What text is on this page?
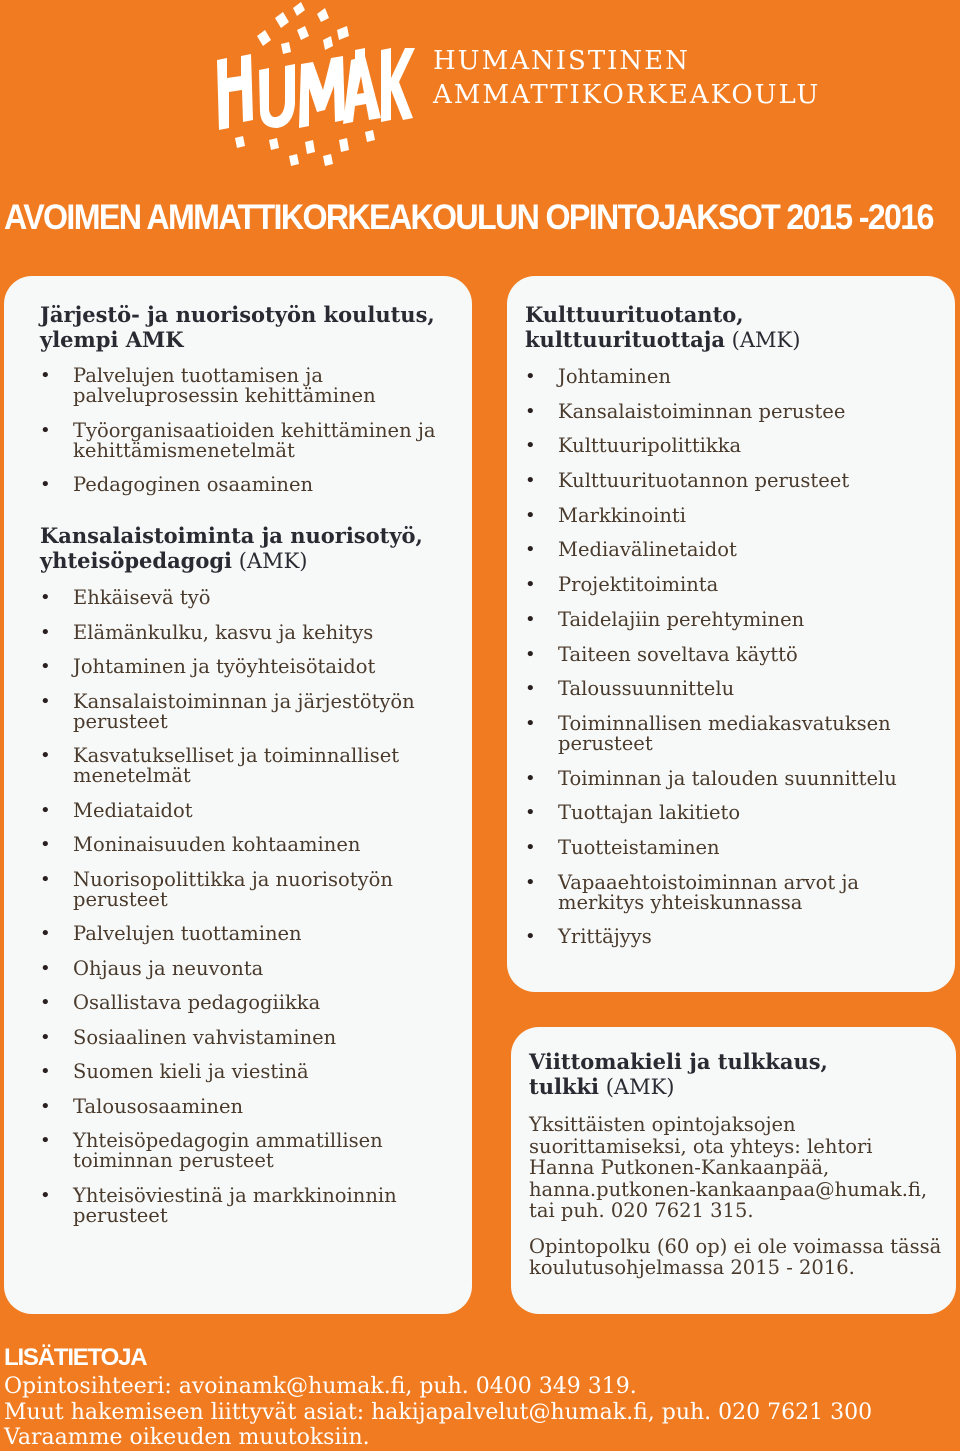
HUMANISTINEN
AMMATTIKORKEAKOULU
AVOIMEN AMMATTIKORKEAKOULUN OPINTOJAKSOT 2015 -2016
Järjestö- ja nuorisotyön koulutus,
ylempi AMK
• Palvelujen tuottamisen ja palveluprosessin kehittäminen
• Työorganisaatioiden kehittäminen ja kehittämismenetelmät
• Pedagoginen osaaminen
Kansalaistoiminta ja nuorisotyö,
yhteisöpedagogi (AMK)
• Ehkäisevä työ
• Elämänkulku, kasvu ja kehitys
• Johtaminen ja työyhteisötaidot
• Kansalaistoiminnan ja järjestötyön perusteet
• Kasvatukselliset ja toiminnalliset menetelmät
• Mediataidot
• Moninaisuuden kohtaaminen
• Nuorisopolittikka ja nuorisotyön perusteet
• Palvelujen tuottaminen
• Ohjaus ja neuvonta
• Osallistava pedagogiikka
• Sosiaalinen vahvistaminen
• Suomen kieli ja viestinä
• Talousosaaminen
• Yhteisöpedagogin ammatillisen toiminnan perusteet
• Yhteisöviestinä ja markkinoinnin perusteet
Kulttuurituotanto,
kulttuurituottaja (AMK)
• Johtaminen
• Kansalaistoiminnan perustee
• Kulttuuripolittikka
• Kulttuurituotannon perusteet
• Markkinointi
• Mediavälinetaidot
• Projektitoiminta
• Taidelajiin perehtyminen
• Taiteen soveltava käyttö
• Taloussuunnittelu
• Toiminnallisen mediakasvatuksen perusteet
• Toiminnan ja talouden suunnittelu
• Tuottajan lakitieto
• Tuotteistaminen
• Vapaaehtoistoiminnan arvot ja merkitys yhteiskunnassa
• Yrittäjyys
Viittomakieli ja tulkkaus,
tulkki (AMK)

Yksittäisten opintojaksojen suorittamiseksi, ota yhteys: lehtori Hanna Putkonen-Kankaanpää, hanna.putkonen-kankaanpaa@humak.fi, tai puh. 020 7621 315.

Opintopolku (60 op) ei ole voimassa tässä koulutusohjelmassa 2015 - 2016.

LISÄTIETOJA
Opintosihteeri: avoinamk@humak.fi, puh. 0400 349 319.
Muut hakemiseen liittyvät asiat: hakijapalvelut@humak.fi, puh. 020 7621 300
Varaamme oikeuden muutoksiin.
